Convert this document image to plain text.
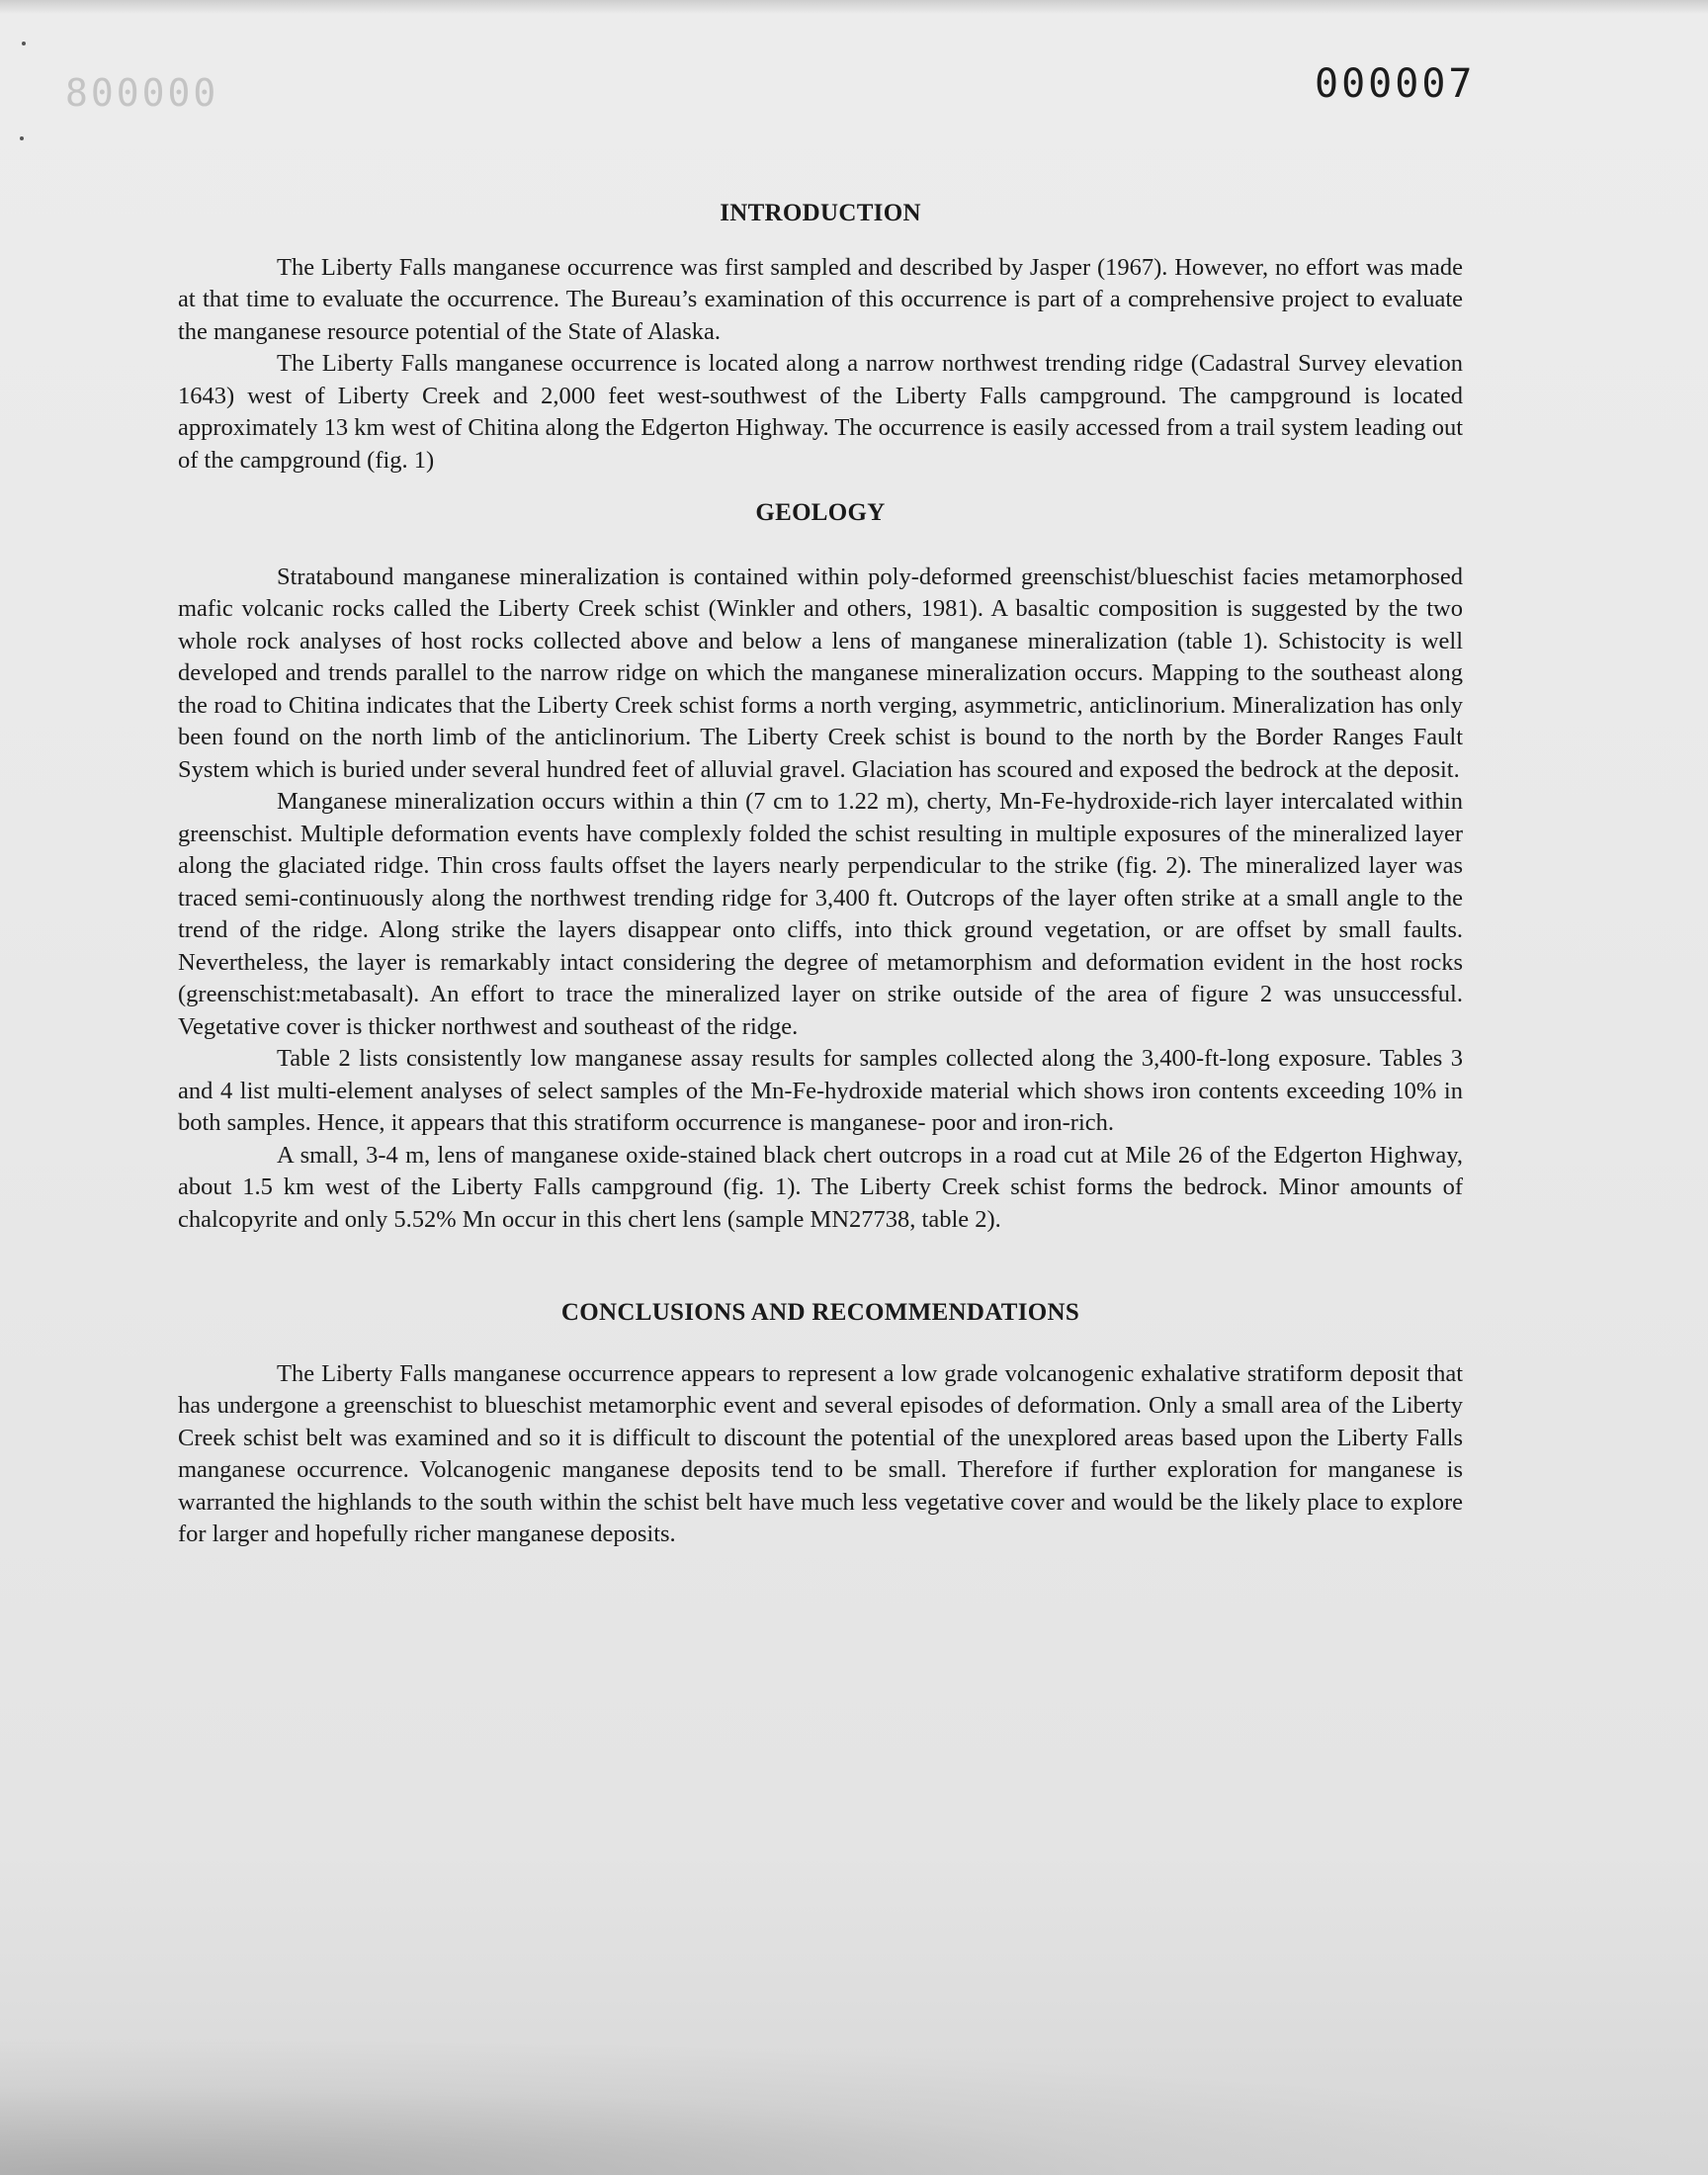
800000	000007
INTRODUCTION

The Liberty Falls manganese occurrence was first sampled and described by Jasper (1967). However, no effort was made at that time to evaluate the occurrence. The Bureau’s examination of this occurrence is part of a comprehensive project to evaluate the manganese resource potential of the State of Alaska.

The Liberty Falls manganese occurrence is located along a narrow northwest trending ridge (Cadastral Survey elevation 1643) west of Liberty Creek and 2,000 feet west-southwest of the Liberty Falls campground. The campground is located approximately 13 km west of Chitina along the Edgerton Highway. The occurrence is easily accessed from a trail system leading out of the campground (fig. 1)

GEOLOGY

Stratabound manganese mineralization is contained within poly-deformed greenschist/blueschist facies metamorphosed mafic volcanic rocks called the Liberty Creek schist (Winkler and others, 1981). A basaltic composition is suggested by the two whole rock analyses of host rocks collected above and below a lens of manganese mineralization (table 1). Schistocity is well developed and trends parallel to the narrow ridge on which the manganese mineralization occurs. Mapping to the southeast along the road to Chitina indicates that the Liberty Creek schist forms a north verging, asymmetric, anticlinorium. Mineralization has only been found on the north limb of the anticlinorium. The Liberty Creek schist is bound to the north by the Border Ranges Fault System which is buried under several hundred feet of alluvial gravel. Glaciation has scoured and exposed the bedrock at the deposit.

Manganese mineralization occurs within a thin (7 cm to 1.22 m), cherty, Mn-Fe-hydroxide-rich layer intercalated within greenschist. Multiple deformation events have complexly folded the schist resulting in multiple exposures of the mineralized layer along the glaciated ridge. Thin cross faults offset the layers nearly perpendicular to the strike (fig. 2). The mineralized layer was traced semi-continuously along the northwest trending ridge for 3,400 ft. Outcrops of the layer often strike at a small angle to the trend of the ridge. Along strike the layers disappear onto cliffs, into thick ground vegetation, or are offset by small faults. Nevertheless, the layer is remarkably intact considering the degree of metamorphism and deformation evident in the host rocks (greenschist:metabasalt). An effort to trace the mineralized layer on strike outside of the area of figure 2 was unsuccessful. Vegetative cover is thicker northwest and southeast of the ridge.

Table 2 lists consistently low manganese assay results for samples collected along the 3,400-ft-long exposure. Tables 3 and 4 list multi-element analyses of select samples of the Mn-Fe-hydroxide material which shows iron contents exceeding 10% in both samples. Hence, it appears that this stratiform occurrence is manganese- poor and iron-rich.

A small, 3-4 m, lens of manganese oxide-stained black chert outcrops in a road cut at Mile 26 of the Edgerton Highway, about 1.5 km west of the Liberty Falls campground (fig. 1). The Liberty Creek schist forms the bedrock. Minor amounts of chalcopyrite and only 5.52% Mn occur in this chert lens (sample MN27738, table 2).

CONCLUSIONS AND RECOMMENDATIONS

The Liberty Falls manganese occurrence appears to represent a low grade volcanogenic exhalative stratiform deposit that has undergone a greenschist to blueschist metamorphic event and several episodes of deformation. Only a small area of the Liberty Creek schist belt was examined and so it is difficult to discount the potential of the unexplored areas based upon the Liberty Falls manganese occurrence. Volcanogenic manganese deposits tend to be small. Therefore if further exploration for manganese is warranted the highlands to the south within the schist belt have much less vegetative cover and would be the likely place to explore for larger and hopefully richer manganese deposits.
